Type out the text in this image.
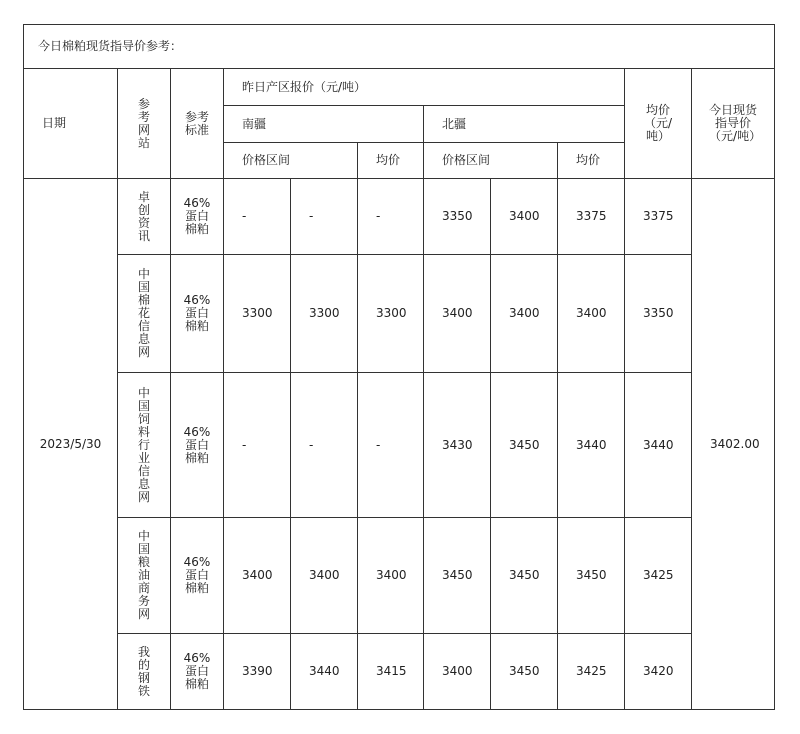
今日棉粕现货指导价参考：										
日期	参考网站	参考标准	昨日产区报价（元/吨）						均价（元/吨）	今日现货指导价（元/吨）

			南疆			北疆				
			价格区间		均价	价格区间		均价		
2023/5/30	卓创资讯	46%蛋白棉粕	-	-	-	3350	3400	3375	3375	3402.00

	中国棉花信息网	46%蛋白棉粕	3300	3300	3300	3400	3400	3400	3350	

	中国饲料行业信息网	46%蛋白棉粕	-	-	-	3430	3450	3440	3440	

	中国粮油商务网	46%蛋白棉粕	3400	3400	3400	3450	3450	3450	3425	

	我的钢铁	46%蛋白棉粕	3390	3440	3415	3400	3450	3425	3420	
